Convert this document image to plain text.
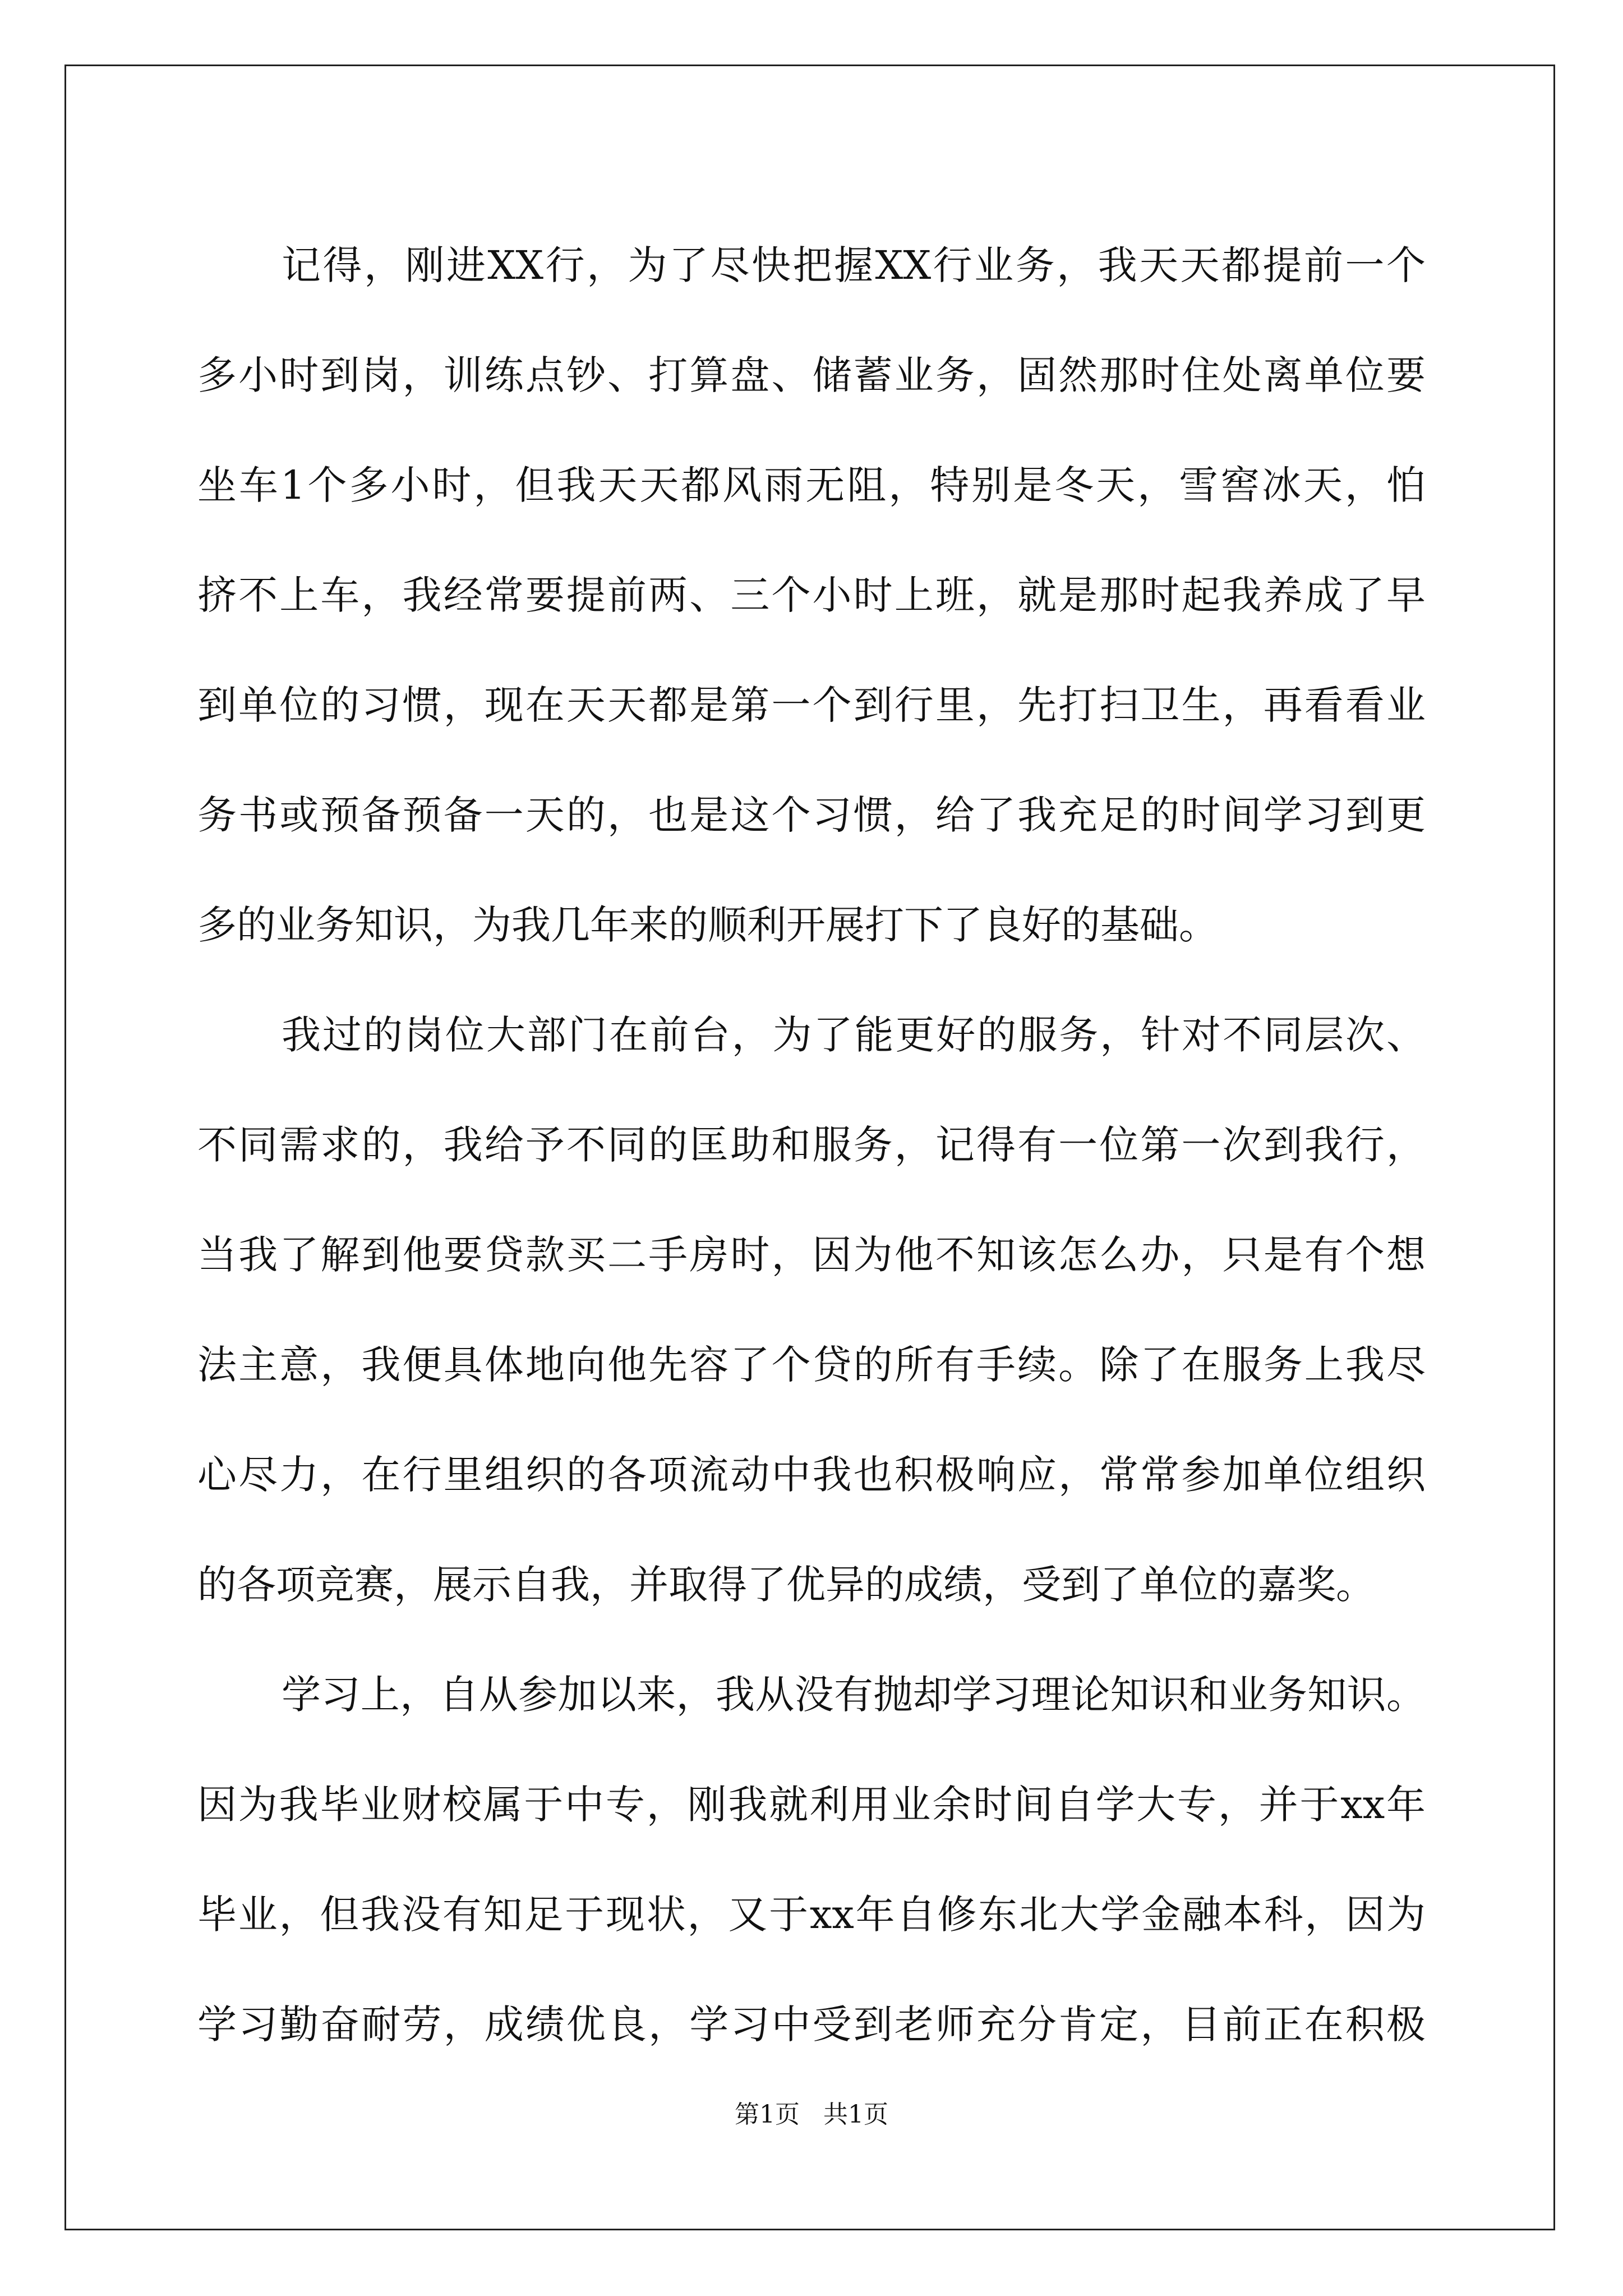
记得，刚进XX行，为了尽快把握XX行业务，我天天都提前一个
多小时到岗，训练点钞、打算盘、储蓄业务，固然那时住处离单位要
坐车1个多小时，但我天天都风雨无阻，特别是冬天，雪窖冰天，怕
挤不上车，我经常要提前两、三个小时上班，就是那时起我养成了早
到单位的习惯，现在天天都是第一个到行里，先打扫卫生，再看看业
务书或预备预备一天的，也是这个习惯，给了我充足的时间学习到更
多的业务知识，为我几年来的顺利开展打下了良好的基础。
我过的岗位大部门在前台，为了能更好的服务，针对不同层次、
不同需求的，我给予不同的匡助和服务，记得有一位第一次到我行，
当我了解到他要贷款买二手房时，因为他不知该怎么办，只是有个想
法主意，我便具体地向他先容了个贷的所有手续。除了在服务上我尽
心尽力，在行里组织的各项流动中我也积极响应，常常参加单位组织
的各项竞赛，展示自我，并取得了优异的成绩，受到了单位的嘉奖。
学习上，自从参加以来，我从没有抛却学习理论知识和业务知识。
因为我毕业财校属于中专，刚我就利用业余时间自学大专，并于xx年
毕业，但我没有知足于现状，又于xx年自修东北大学金融本科，因为
学习勤奋耐劳，成绩优良，学习中受到老师充分肯定，目前正在积极
第1页   共1页
